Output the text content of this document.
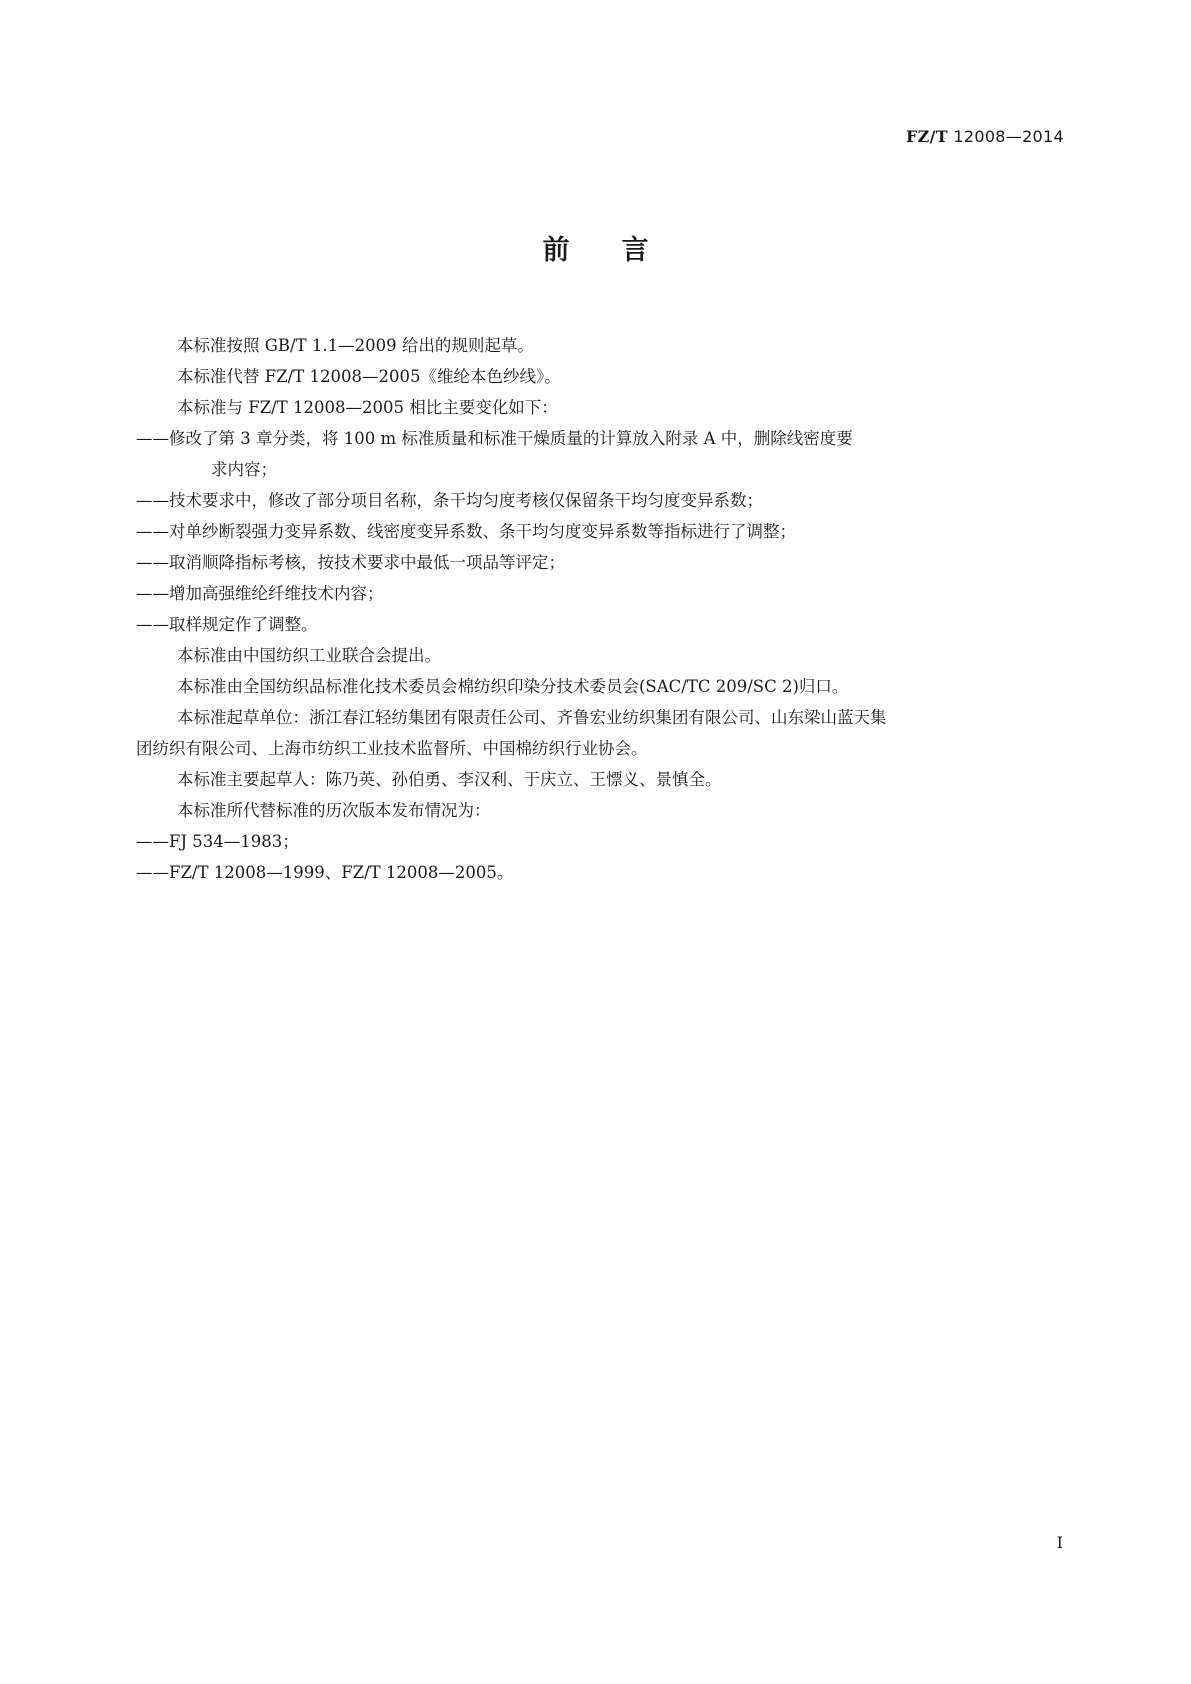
FZ/T 12008—2014
前言
本标准按照 GB/T 1.1—2009 给出的规则起草。
本标准代替 FZ/T 12008—2005《维纶本色纱线》。
本标准与 FZ/T 12008—2005 相比主要变化如下：
——修改了第 3 章分类，将 100 m 标准质量和标准干燥质量的计算放入附录 A 中，删除线密度要
求内容；
——技术要求中，修改了部分项目名称，条干均匀度考核仅保留条干均匀度变异系数；
——对单纱断裂强力变异系数、线密度变异系数、条干均匀度变异系数等指标进行了调整；
——取消顺降指标考核，按技术要求中最低一项品等评定；
——增加高强维纶纤维技术内容；
——取样规定作了调整。
本标准由中国纺织工业联合会提出。
本标准由全国纺织品标准化技术委员会棉纺织印染分技术委员会(SAC/TC 209/SC 2)归口。
本标准起草单位：浙江春江轻纺集团有限责任公司、齐鲁宏业纺织集团有限公司、山东梁山蓝天集
团纺织有限公司、上海市纺织工业技术监督所、中国棉纺织行业协会。
本标准主要起草人：陈乃英、孙伯勇、李汉利、于庆立、王慓义、景慎全。
本标准所代替标准的历次版本发布情况为：
——FJ 534—1983；
——FZ/T 12008—1999、FZ/T 12008—2005。
I
